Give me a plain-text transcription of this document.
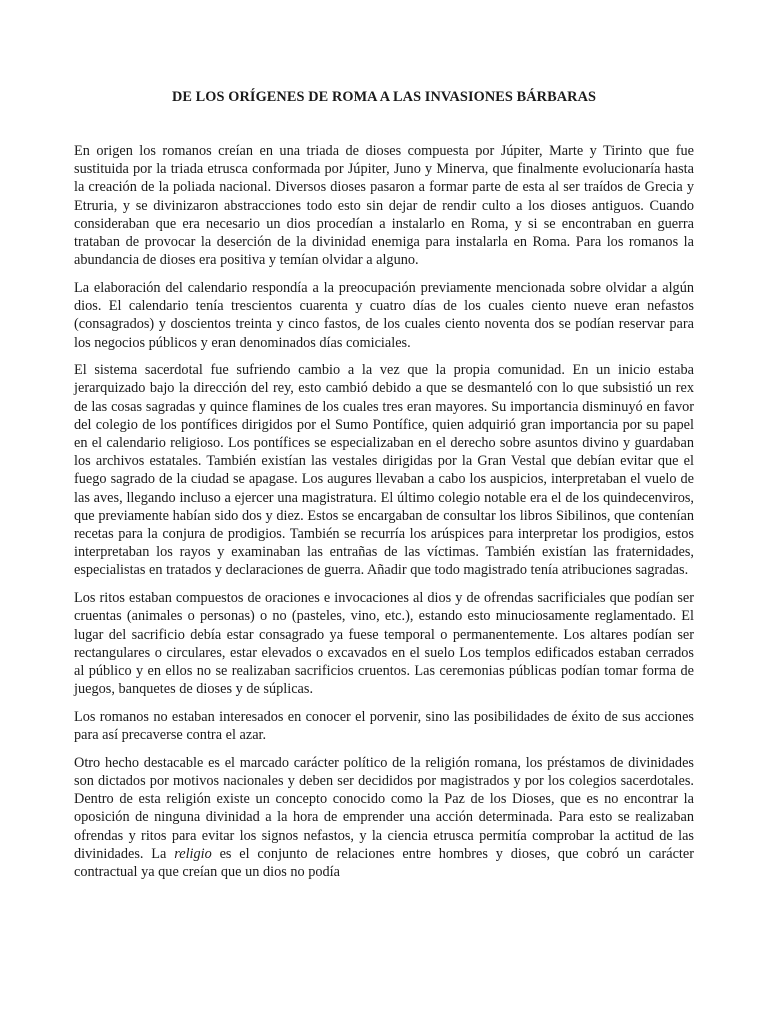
DE LOS ORÍGENES DE ROMA A LAS INVASIONES BÁRBARAS

En origen los romanos creían en una triada de dioses compuesta por Júpiter, Marte y Tirinto que fue sustituida por la triada etrusca conformada por Júpiter, Juno y Minerva, que finalmente evolucionaría hasta la creación de la poliada nacional. Diversos dioses pasaron a formar parte de esta al ser traídos de Grecia y Etruria, y se divinizaron abstracciones todo esto sin dejar de rendir culto a los dioses antiguos. Cuando consideraban que era necesario un dios procedían a instalarlo en Roma, y si se encontraban en guerra trataban de provocar la deserción de la divinidad enemiga para instalarla en Roma. Para los romanos la abundancia de dioses era positiva y temían olvidar a alguno.

La elaboración del calendario respondía a la preocupación previamente mencionada sobre olvidar a algún dios. El calendario tenía trescientos cuarenta y cuatro días de los cuales ciento nueve eran nefastos (consagrados) y doscientos treinta y cinco fastos, de los cuales ciento noventa dos se podían reservar para los negocios públicos y eran denominados días comiciales.

El sistema sacerdotal fue sufriendo cambio a la vez que la propia comunidad. En un inicio estaba jerarquizado bajo la dirección del rey, esto cambió debido a que se desmanteló con lo que subsistió un rex de las cosas sagradas y quince flamines de los cuales tres eran mayores. Su importancia disminuyó en favor del colegio de los pontífices dirigidos por el Sumo Pontífice, quien adquirió gran importancia por su papel en el calendario religioso. Los pontífices se especializaban en el derecho sobre asuntos divino y guardaban los archivos estatales. También existían las vestales dirigidas por la Gran Vestal que debían evitar que el fuego sagrado de la ciudad se apagase. Los augures llevaban a cabo los auspicios, interpretaban el vuelo de las aves, llegando incluso a ejercer una magistratura. El último colegio notable era el de los quindecenviros, que previamente habían sido dos y diez. Estos se encargaban de consultar los libros Sibilinos, que contenían recetas para la conjura de prodigios. También se recurría los arúspices para interpretar los prodigios, estos interpretaban los rayos y examinaban las entrañas de las víctimas. También existían las fraternidades, especialistas en tratados y declaraciones de guerra. Añadir que todo magistrado tenía atribuciones sagradas.

Los ritos estaban compuestos de oraciones e invocaciones al dios y de ofrendas sacrificiales que podían ser cruentas (animales o personas) o no (pasteles, vino, etc.), estando esto minuciosamente reglamentado. El lugar del sacrificio debía estar consagrado ya fuese temporal o permanentemente. Los altares podían ser rectangulares o circulares, estar elevados o excavados en el suelo Los templos edificados estaban cerrados al público y en ellos no se realizaban sacrificios cruentos. Las ceremonias públicas podían tomar forma de juegos, banquetes de dioses y de súplicas.

Los romanos no estaban interesados en conocer el porvenir, sino las posibilidades de éxito de sus acciones para así precaverse contra el azar.

Otro hecho destacable es el marcado carácter político de la religión romana, los préstamos de divinidades son dictados por motivos nacionales y deben ser decididos por magistrados y por los colegios sacerdotales. Dentro de esta religión existe un concepto conocido como la Paz de los Dioses, que es no encontrar la oposición de ninguna divinidad a la hora de emprender una acción determinada. Para esto se realizaban ofrendas y ritos para evitar los signos nefastos, y la ciencia etrusca permitía comprobar la actitud de las divinidades. La religio es el conjunto de relaciones entre hombres y dioses, que cobró un carácter contractual ya que creían que un dios no podía
